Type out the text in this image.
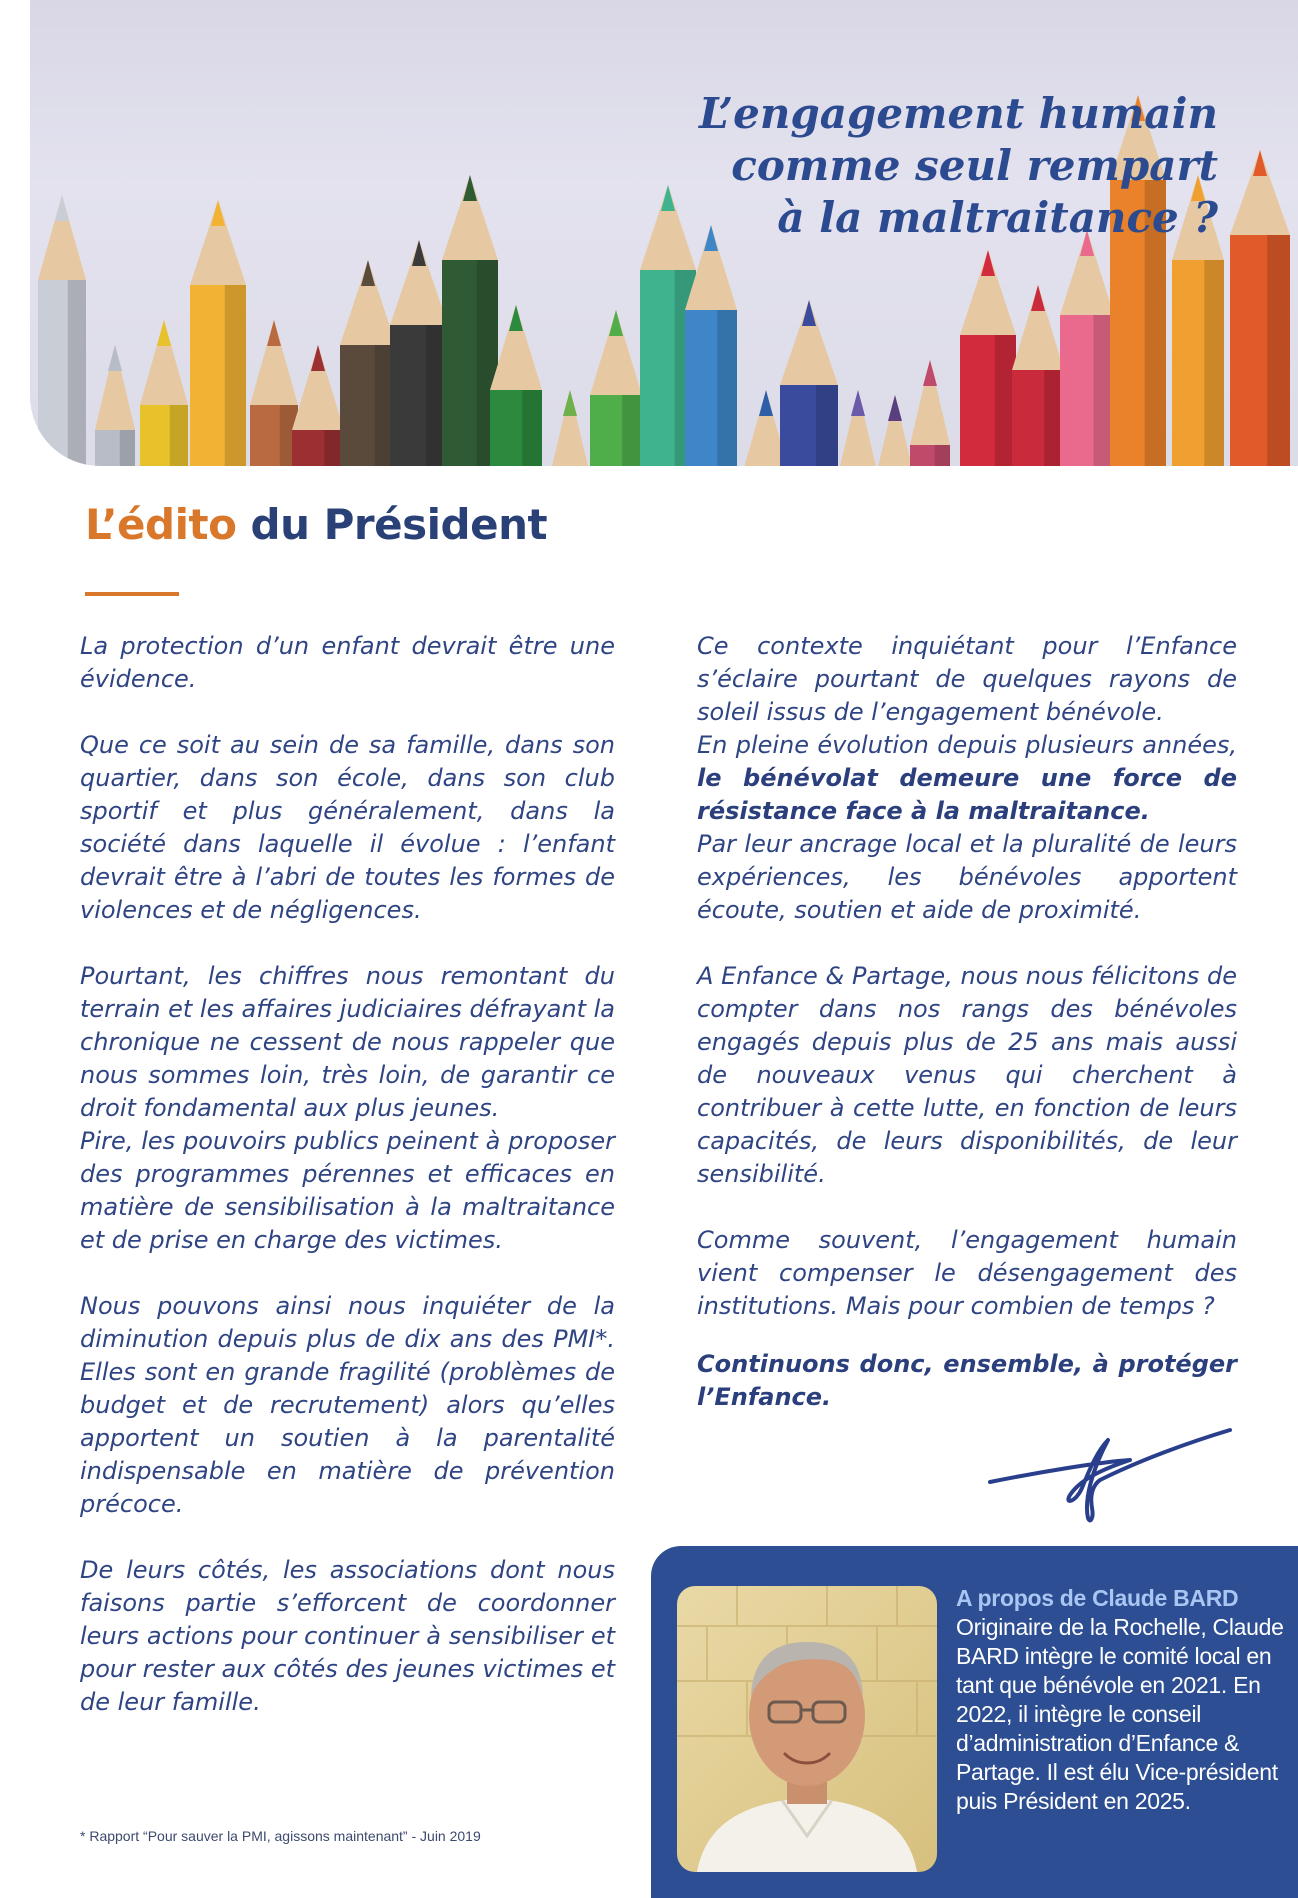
L’engagement humain
comme seul rempart
à la maltraitance ?
L’édito du Président

La protection d’un enfant devrait être une évidence.

Que ce soit au sein de sa famille, dans son quartier, dans son école, dans son club sportif et plus généralement, dans la société dans laquelle il évolue : l’enfant devrait être à l’abri de toutes les formes de violences et de négligences.

Pourtant, les chiffres nous remontant du terrain et les affaires judiciaires défrayant la chronique ne cessent de nous rappeler que nous sommes loin, très loin, de garantir ce droit fondamental aux plus jeunes.

Pire, les pouvoirs publics peinent à proposer des programmes pérennes et efficaces en matière de sensibilisation à la maltraitance et de prise en charge des victimes.

Nous pouvons ainsi nous inquiéter de la diminution depuis plus de dix ans des PMI*. Elles sont en grande fragilité (problèmes de budget et de recrutement) alors qu’elles apportent un soutien à la parentalité indispensable en matière de prévention précoce.

De leurs côtés, les associations dont nous faisons partie s’efforcent de coordonner leurs actions pour continuer à sensibiliser et pour rester aux côtés des jeunes victimes et de leur famille.

Ce contexte inquiétant pour l’Enfance s’éclaire pourtant de quelques rayons de soleil issus de l’engagement bénévole.

En pleine évolution depuis plusieurs années, le bénévolat demeure une force de résistance face à la maltraitance.

Par leur ancrage local et la pluralité de leurs expériences, les bénévoles apportent écoute, soutien et aide de proximité.

A Enfance & Partage, nous nous félicitons de compter dans nos rangs des bénévoles engagés depuis plus de 25 ans mais aussi de nouveaux venus qui cherchent à contribuer à cette lutte, en fonction de leurs capacités, de leurs disponibilités, de leur sensibilité.

Comme souvent, l’engagement humain vient compenser le désengagement des institutions. Mais pour combien de temps ?

Continuons donc, ensemble, à protéger l’Enfance.

* Rapport “Pour sauver la PMI, agissons maintenant” - Juin 2019

A propos de Claude BARD

Originaire de la Rochelle, Claude BARD intègre le comité local en tant que bénévole en 2021. En 2022, il intègre le conseil d’administration d’Enfance & Partage. Il est élu Vice-président puis Président en 2025.
